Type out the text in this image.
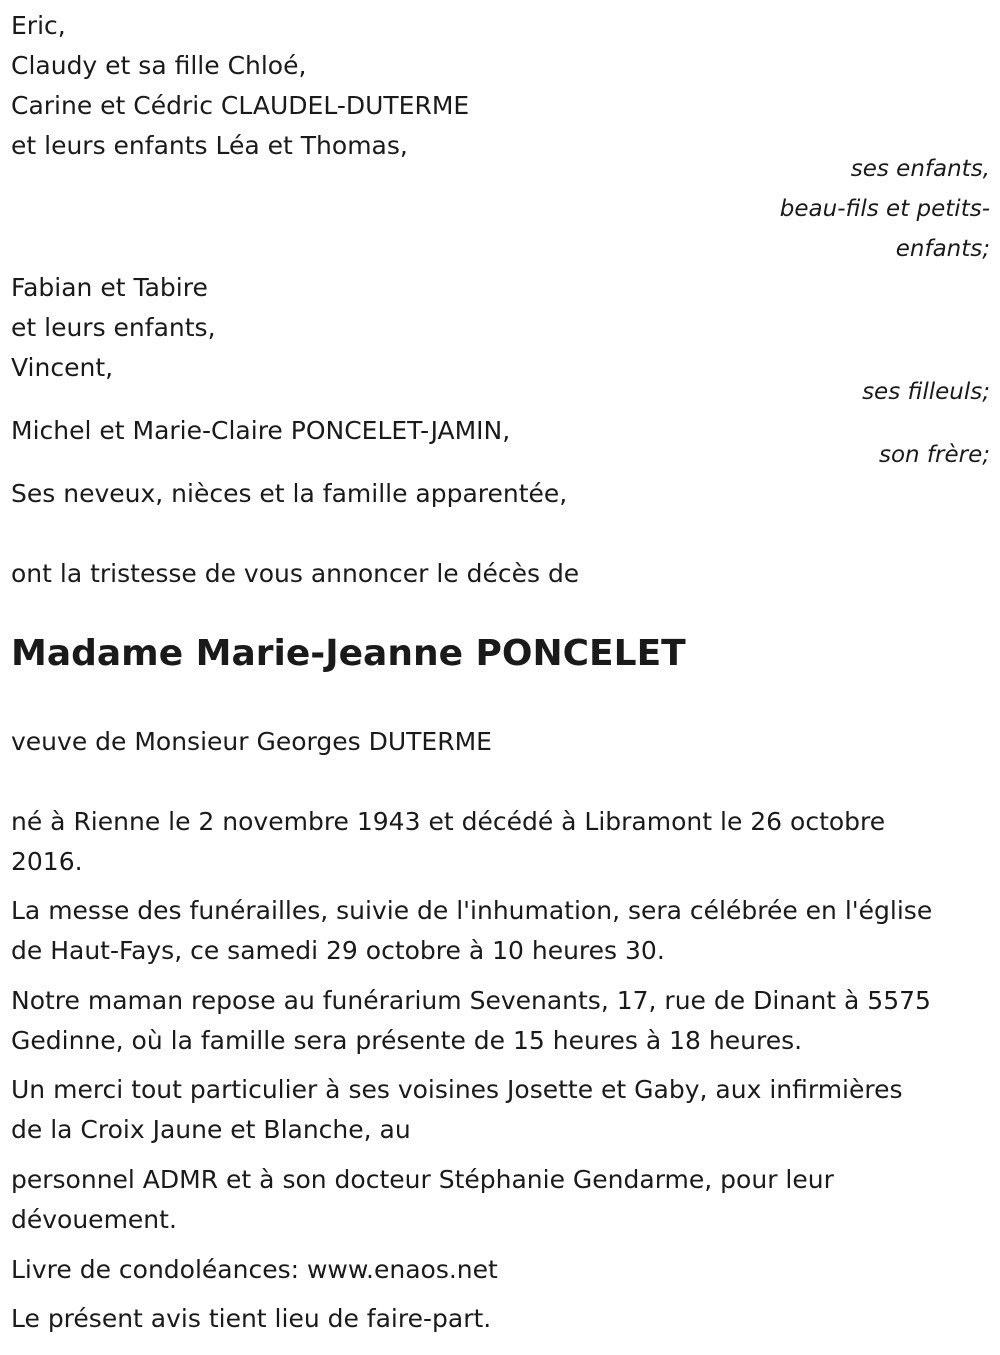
Eric,

Claudy et sa fille Chloé,

Carine et Cédric CLAUDEL-DUTERME

et leurs enfants Léa et Thomas,

ses enfants,

beau-fils et petits-

enfants;

Fabian et Tabire

et leurs enfants,

Vincent,

ses filleuls;

Michel et Marie-Claire PONCELET-JAMIN,

son frère;

Ses neveux, nièces et la famille apparentée,

ont la tristesse de vous annoncer le décès de

Madame Marie-Jeanne PONCELET

veuve de Monsieur Georges DUTERME

né à Rienne le 2 novembre 1943 et décédé à Libramont le 26 octobre

2016.

La messe des funérailles, suivie de l'inhumation, sera célébrée en l'église

de Haut-Fays, ce samedi 29 octobre à 10 heures 30.

Notre maman repose au funérarium Sevenants, 17, rue de Dinant à 5575

Gedinne, où la famille sera présente de 15 heures à 18 heures.

Un merci tout particulier à ses voisines Josette et Gaby, aux infirmières

de la Croix Jaune et Blanche, au

personnel ADMR et à son docteur Stéphanie Gendarme, pour leur

dévouement.

Livre de condoléances: www.enaos.net

Le présent avis tient lieu de faire-part.
